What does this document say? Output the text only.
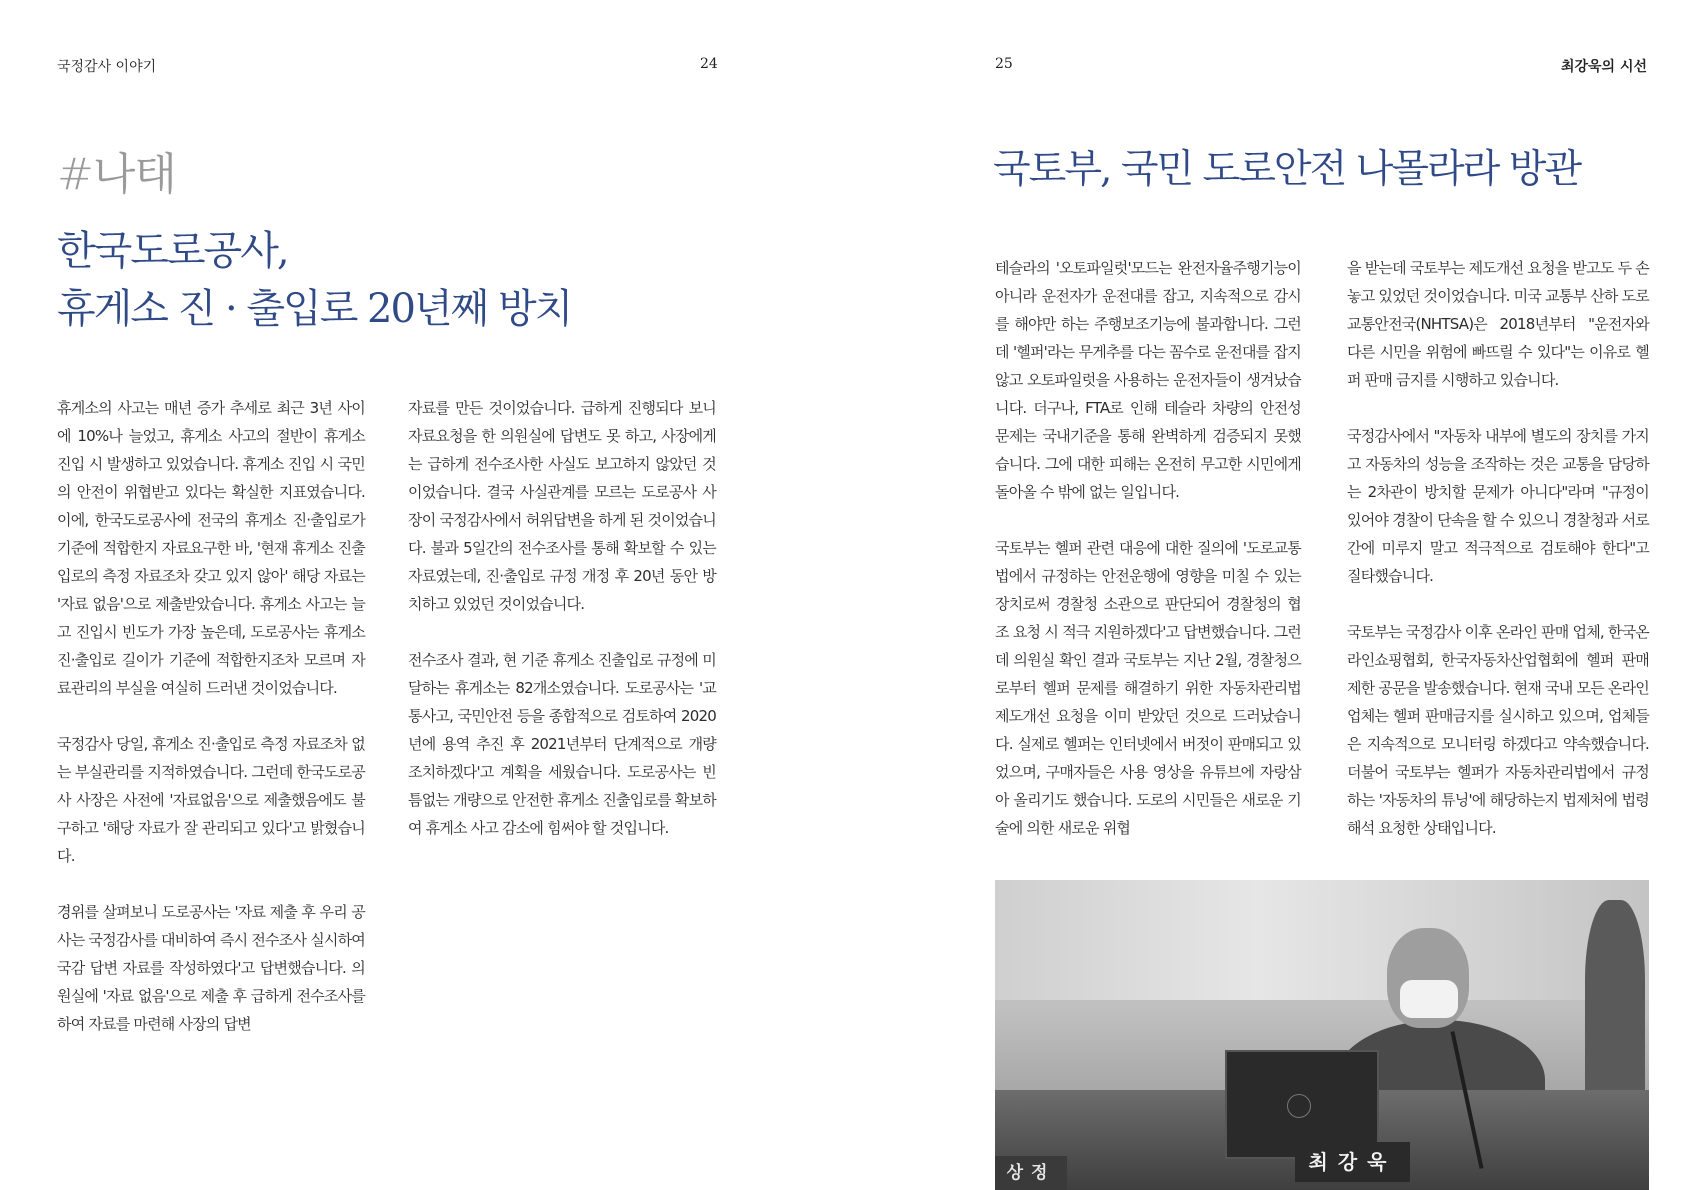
국정감사 이야기	24
#나태
한국도로공사,
휴게소 진 · 출입로 20년째 방치

휴게소의 사고는 매년 증가 추세로 최근 3년 사이에 10%나 늘었고, 휴게소 사고의 절반이 휴게소 진입 시 발생하고 있었습니다. 휴게소 진입 시 국민의 안전이 위협받고 있다는 확실한 지표였습니다. 이에, 한국도로공사에 전국의 휴게소 진·출입로가 기준에 적합한지 자료요구한 바, '현재 휴게소 진출입로의 측정 자료조차 갖고 있지 않아' 해당 자료는 '자료 없음'으로 제출받았습니다. 휴게소 사고는 늘고 진입시 빈도가 가장 높은데, 도로공사는 휴게소 진·출입로 길이가 기준에 적합한지조차 모르며 자료관리의 부실을 여실히 드러낸 것이었습니다.

국정감사 당일, 휴게소 진·출입로 측정 자료조차 없는 부실관리를 지적하였습니다. 그런데 한국도로공사 사장은 사전에 '자료없음'으로 제출했음에도 불구하고 '해당 자료가 잘 관리되고 있다'고 밝혔습니다.

경위를 살펴보니 도로공사는 '자료 제출 후 우리 공사는 국정감사를 대비하여 즉시 전수조사 실시하여 국감 답변 자료를 작성하였다'고 답변했습니다. 의원실에 '자료 없음'으로 제출 후 급하게 전수조사를 하여 자료를 마련해 사장의 답변

자료를 만든 것이었습니다. 급하게 진행되다 보니 자료요청을 한 의원실에 답변도 못 하고, 사장에게는 급하게 전수조사한 사실도 보고하지 않았던 것이었습니다. 결국 사실관계를 모르는 도로공사 사장이 국정감사에서 허위답변을 하게 된 것이었습니다. 불과 5일간의 전수조사를 통해 확보할 수 있는 자료였는데, 진·출입로 규정 개정 후 20년 동안 방치하고 있었던 것이었습니다.

전수조사 결과, 현 기준 휴게소 진출입로 규정에 미달하는 휴게소는 82개소였습니다. 도로공사는 '교통사고, 국민안전 등을 종합적으로 검토하여 2020년에 용역 추진 후 2021년부터 단계적으로 개량 조치하겠다'고 계획을 세웠습니다. 도로공사는 빈틈없는 개량으로 안전한 휴게소 진출입로를 확보하여 휴게소 사고 감소에 힘써야 할 것입니다.

25	최강욱의 시선
국토부, 국민 도로안전 나몰라라 방관

테슬라의 '오토파일럿'모드는 완전자율주행기능이 아니라 운전자가 운전대를 잡고, 지속적으로 감시를 해야만 하는 주행보조기능에 불과합니다. 그런데 '헬퍼'라는 무게추를 다는 꼼수로 운전대를 잡지 않고 오토파일럿을 사용하는 운전자들이 생겨났습니다. 더구나, FTA로 인해 테슬라 차량의 안전성 문제는 국내기준을 통해 완벽하게 검증되지 못했습니다. 그에 대한 피해는 온전히 무고한 시민에게 돌아올 수 밖에 없는 일입니다.

국토부는 헬퍼 관련 대응에 대한 질의에 '도로교통법에서 규정하는 안전운행에 영향을 미칠 수 있는 장치로써 경찰청 소관으로 판단되어 경찰청의 협조 요청 시 적극 지원하겠다'고 답변했습니다. 그런데 의원실 확인 결과 국토부는 지난 2월, 경찰청으로부터 헬퍼 문제를 해결하기 위한 자동차관리법 제도개선 요청을 이미 받았던 것으로 드러났습니다. 실제로 헬퍼는 인터넷에서 버젓이 판매되고 있었으며, 구매자들은 사용 영상을 유튜브에 자랑삼아 올리기도 했습니다. 도로의 시민들은 새로운 기술에 의한 새로운 위협

을 받는데 국토부는 제도개선 요청을 받고도 두 손 놓고 있었던 것이었습니다. 미국 교통부 산하 도로교통안전국(NHTSA)은 2018년부터 "운전자와 다른 시민을 위험에 빠뜨릴 수 있다"는 이유로 헬퍼 판매 금지를 시행하고 있습니다.

국정감사에서 "자동차 내부에 별도의 장치를 가지고 자동차의 성능을 조작하는 것은 교통을 담당하는 2차관이 방치할 문제가 아니다"라며 "규정이 있어야 경찰이 단속을 할 수 있으니 경찰청과 서로 간에 미루지 말고 적극적으로 검토해야 한다"고 질타했습니다.

국토부는 국정감사 이후 온라인 판매 업체, 한국온라인쇼핑협회, 한국자동차산업협회에 헬퍼 판매 제한 공문을 발송했습니다. 현재 국내 모든 온라인 업체는 헬퍼 판매금지를 실시하고 있으며, 업체들은 지속적으로 모니터링 하겠다고 약속했습니다. 더불어 국토부는 헬퍼가 자동차관리법에서 규정하는 '자동차의 튜닝'에 해당하는지 법제처에 법령해석 요청한 상태입니다.

상정	최강욱
